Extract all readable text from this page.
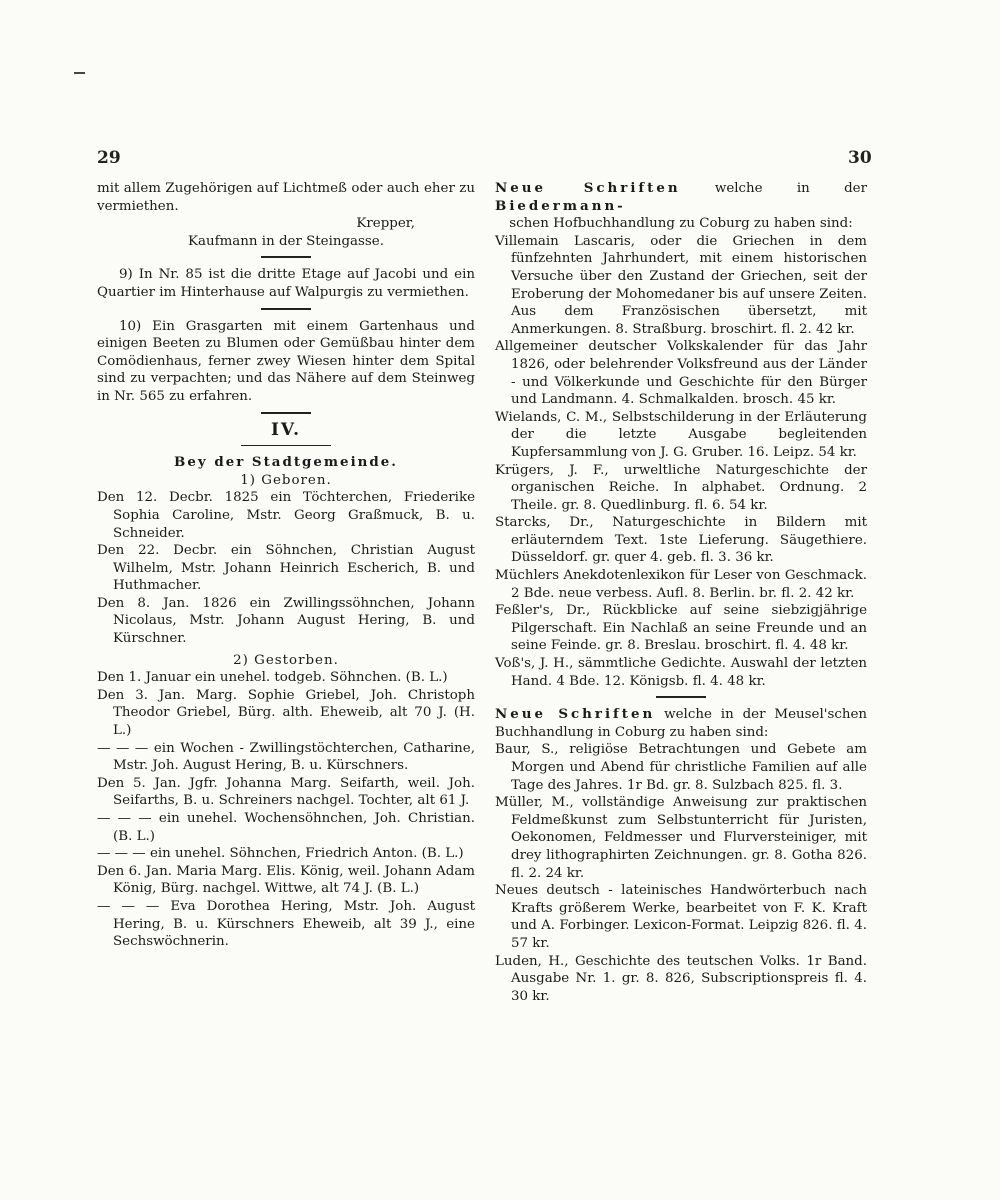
29	30

mit allem Zugehörigen auf Lichtmeß oder auch eher zu vermiethen.

Krepper,

Kaufmann in der Steingasse.

9) In Nr. 85 ist die dritte Etage auf Jacobi und ein Quartier im Hinterhause auf Walpurgis zu vermiethen.

10) Ein Grasgarten mit einem Gartenhaus und einigen Beeten zu Blumen oder Gemüßbau hinter dem Comödienhaus, ferner zwey Wiesen hinter dem Spital sind zu verpachten; und das Nähere auf dem Steinweg in Nr. 565 zu erfahren.

IV.

Bey der Stadtgemeinde.

1) Geboren.

Den 12. Decbr. 1825 ein Töchterchen, Friederike Sophia Caroline, Mstr. Georg Graßmuck, B. u. Schneider.

Den 22. Decbr. ein Söhnchen, Christian August Wilhelm, Mstr. Johann Heinrich Escherich, B. und Huthmacher.

Den 8. Jan. 1826 ein Zwillingssöhnchen, Johann Nicolaus, Mstr. Johann August Hering, B. und Kürschner.

2) Gestorben.

Den 1. Januar ein unehel. todgeb. Söhnchen. (B. L.)

Den 3. Jan. Marg. Sophie Griebel, Joh. Christoph Theodor Griebel, Bürg. alth. Eheweib, alt 70 J. (H. L.)

— — — ein Wochen - Zwillingstöchterchen, Catharine, Mstr. Joh. August Hering, B. u. Kürschners.

Den 5. Jan. Jgfr. Johanna Marg. Seifarth, weil. Joh. Seifarths, B. u. Schreiners nachgel. Tochter, alt 61 J.

— — — ein unehel. Wochensöhnchen, Joh. Christian. (B. L.)

— — — ein unehel. Söhnchen, Friedrich Anton. (B. L.)

Den 6. Jan. Maria Marg. Elis. König, weil. Johann Adam König, Bürg. nachgel. Wittwe, alt 74 J. (B. L.)

— — — Eva Dorothea Hering, Mstr. Joh. August Hering, B. u. Kürschners Eheweib, alt 39 J., eine Sechswöchnerin.

Neue Schriften welche in der Biedermann-
schen Hofbuchhandlung zu Coburg zu haben sind:

Villemain Lascaris, oder die Griechen in dem fünfzehnten Jahrhundert, mit einem historischen Versuche über den Zustand der Griechen, seit der Eroberung der Mohomedaner bis auf unsere Zeiten. Aus dem Französischen übersetzt, mit Anmerkungen. 8. Straßburg. broschirt. fl. 2. 42 kr.

Allgemeiner deutscher Volkskalender für das Jahr 1826, oder belehrender Volksfreund aus der Länder - und Völkerkunde und Geschichte für den Bürger und Landmann. 4. Schmalkalden. brosch. 45 kr.

Wielands, C. M., Selbstschilderung in der Erläuterung der die letzte Ausgabe begleitenden Kupfersammlung von J. G. Gruber. 16. Leipz. 54 kr.

Krügers, J. F., urweltliche Naturgeschichte der organischen Reiche. In alphabet. Ordnung. 2 Theile. gr. 8. Quedlinburg. fl. 6. 54 kr.

Starcks, Dr., Naturgeschichte in Bildern mit erläuterndem Text. 1ste Lieferung. Säugethiere. Düsseldorf. gr. quer 4. geb. fl. 3. 36 kr.

Müchlers Anekdotenlexikon für Leser von Geschmack. 2 Bde. neue verbess. Aufl. 8. Berlin. br. fl. 2. 42 kr.

Feßler's, Dr., Rückblicke auf seine siebzigjährige Pilgerschaft. Ein Nachlaß an seine Freunde und an seine Feinde. gr. 8. Breslau. broschirt. fl. 4. 48 kr.

Voß's, J. H., sämmtliche Gedichte. Auswahl der letzten Hand. 4 Bde. 12. Königsb. fl. 4. 48 kr.

Neue Schriften welche in der Meusel'schen Buchhandlung in Coburg zu haben sind:

Baur, S., religiöse Betrachtungen und Gebete am Morgen und Abend für christliche Familien auf alle Tage des Jahres. 1r Bd. gr. 8. Sulzbach 825. fl. 3.

Müller, M., vollständige Anweisung zur praktischen Feldmeßkunst zum Selbstunterricht für Juristen, Oekonomen, Feldmesser und Flurversteiniger, mit drey lithographirten Zeichnungen. gr. 8. Gotha 826. fl. 2. 24 kr.

Neues deutsch - lateinisches Handwörterbuch nach Krafts größerem Werke, bearbeitet von F. K. Kraft und A. Forbinger. Lexicon-Format. Leipzig 826. fl. 4. 57 kr.

Luden, H., Geschichte des teutschen Volks. 1r Band. Ausgabe Nr. 1. gr. 8. 826, Subscriptionspreis fl. 4. 30 kr.
